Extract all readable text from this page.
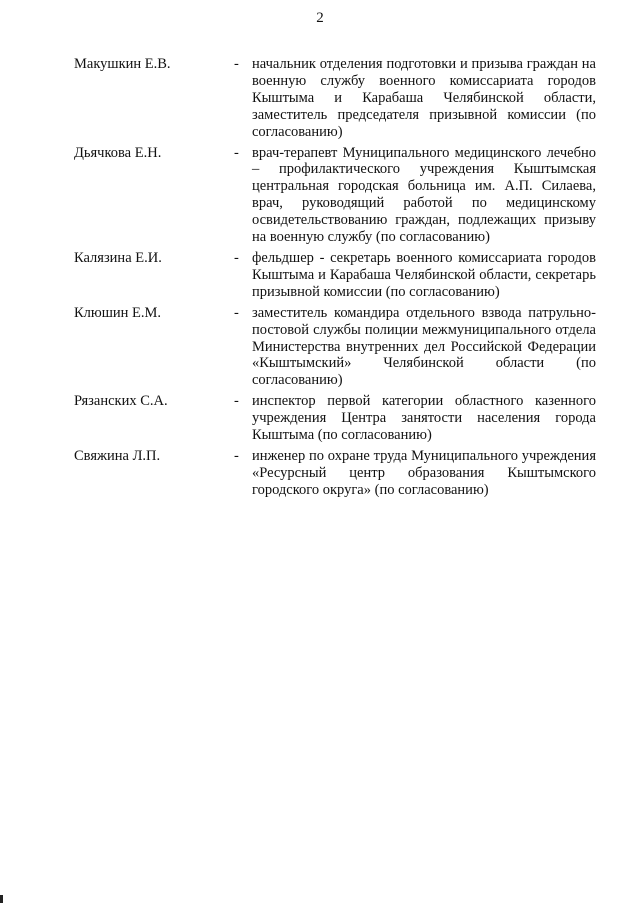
2
Макушкин Е.В.	- начальник отделения подготовки и призыва граждан на военную службу военного комиссариата городов Кыштыма и Карабаша Челябинской области, заместитель председателя призывной комиссии (по согласованию)
Дьячкова Е.Н.	- врач-терапевт Муниципального медицинского лечебно – профилактического учреждения Кыштымская центральная городская больница им. А.П. Силаева, врач, руководящий работой по медицинскому освидетельствованию граждан, подлежащих призыву на военную службу (по согласованию)
Калязина Е.И.	- фельдшер - секретарь военного комиссариата городов Кыштыма и Карабаша Челябинской области, секретарь призывной комиссии (по согласованию)
Клюшин Е.М.	- заместитель командира отдельного взвода патрульно-постовой службы полиции межмуниципального отдела Министерства внутренних дел Российской Федерации «Кыштымский» Челябинской области (по согласованию)
Рязанских С.А.	- инспектор первой категории областного казенного учреждения Центра занятости населения города Кыштыма (по согласованию)
Свяжина Л.П.	- инженер по охране труда Муниципального учреждения «Ресурсный центр образования Кыштымского городского округа» (по согласованию)
